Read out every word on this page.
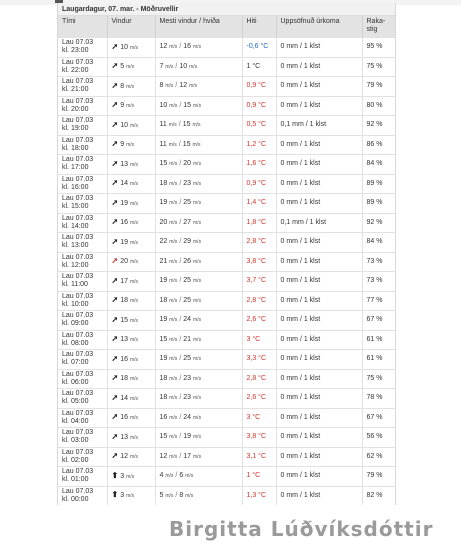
Laugardagur, 07. mar. - Möðruvellir
Tími	Vindur	Mesti vindur / hviða	Hiti	Uppsöfnuð úrkoma	Raka-stig

Lau 07.03
kl. 23:00	➚ 10 m/s	12 m/s / 16 m/s	-0,6 °C	0 mm / 1 klst	95 %

Lau 07.03
kl. 22:00	➚ 5 m/s	7 m/s / 10 m/s	1 °C	0 mm / 1 klst	75 %

Lau 07.03
kl. 21:00	➚ 8 m/s	8 m/s / 12 m/s	0,9 °C	0 mm / 1 klst	79 %

Lau 07.03
kl. 20:00	➚ 9 m/s	10 m/s / 15 m/s	0,9 °C	0 mm / 1 klst	80 %

Lau 07.03
kl. 19:00	➚ 10 m/s	11 m/s / 15 m/s	0,5 °C	0,1 mm / 1 klst	92 %

Lau 07.03
kl. 18:00	➚ 9 m/s	11 m/s / 15 m/s	1,2 °C	0 mm / 1 klst	86 %

Lau 07.03
kl. 17:00	➚ 13 m/s	15 m/s / 20 m/s	1,6 °C	0 mm / 1 klst	84 %

Lau 07.03
kl. 16:00	➚ 14 m/s	18 m/s / 23 m/s	0,9 °C	0 mm / 1 klst	89 %

Lau 07.03
kl. 15:00	➚ 19 m/s	19 m/s / 25 m/s	1,4 °C	0 mm / 1 klst	89 %

Lau 07.03
kl. 14:00	➚ 16 m/s	20 m/s / 27 m/s	1,8 °C	0,1 mm / 1 klst	92 %

Lau 07.03
kl. 13:00	➚ 19 m/s	22 m/s / 29 m/s	2,8 °C	0 mm / 1 klst	84 %

Lau 07.03
kl. 12:00	➚ 20 m/s	21 m/s / 26 m/s	3,8 °C	0 mm / 1 klst	73 %

Lau 07.03
kl. 11:00	➚ 17 m/s	19 m/s / 25 m/s	3,7 °C	0 mm / 1 klst	73 %

Lau 07.03
kl. 10:00	➚ 18 m/s	18 m/s / 25 m/s	2,8 °C	0 mm / 1 klst	77 %

Lau 07.03
kl. 09:00	➚ 15 m/s	19 m/s / 24 m/s	2,6 °C	0 mm / 1 klst	67 %

Lau 07.03
kl. 08:00	➚ 13 m/s	15 m/s / 21 m/s	3 °C	0 mm / 1 klst	61 %

Lau 07.03
kl. 07:00	➚ 16 m/s	19 m/s / 25 m/s	3,3 °C	0 mm / 1 klst	61 %

Lau 07.03
kl. 06:00	➚ 18 m/s	18 m/s / 23 m/s	2,8 °C	0 mm / 1 klst	75 %

Lau 07.03
kl. 05:00	➚ 14 m/s	18 m/s / 23 m/s	2,6 °C	0 mm / 1 klst	78 %

Lau 07.03
kl. 04:00	➚ 16 m/s	16 m/s / 24 m/s	3 °C	0 mm / 1 klst	67 %

Lau 07.03
kl. 03:00	➚ 13 m/s	15 m/s / 19 m/s	3,8 °C	0 mm / 1 klst	56 %

Lau 07.03
kl. 02:00	➚ 12 m/s	12 m/s / 17 m/s	3,1 °C	0 mm / 1 klst	62 %

Lau 07.03
kl. 01:00	⬆ 3 m/s	4 m/s / 6 m/s	1 °C	0 mm / 1 klst	79 %

Lau 07.03
kl. 00:00	⬆ 3 m/s	5 m/s / 8 m/s	1,3 °C	0 mm / 1 klst	82 %
Birgitta Lúðvíksdóttir
